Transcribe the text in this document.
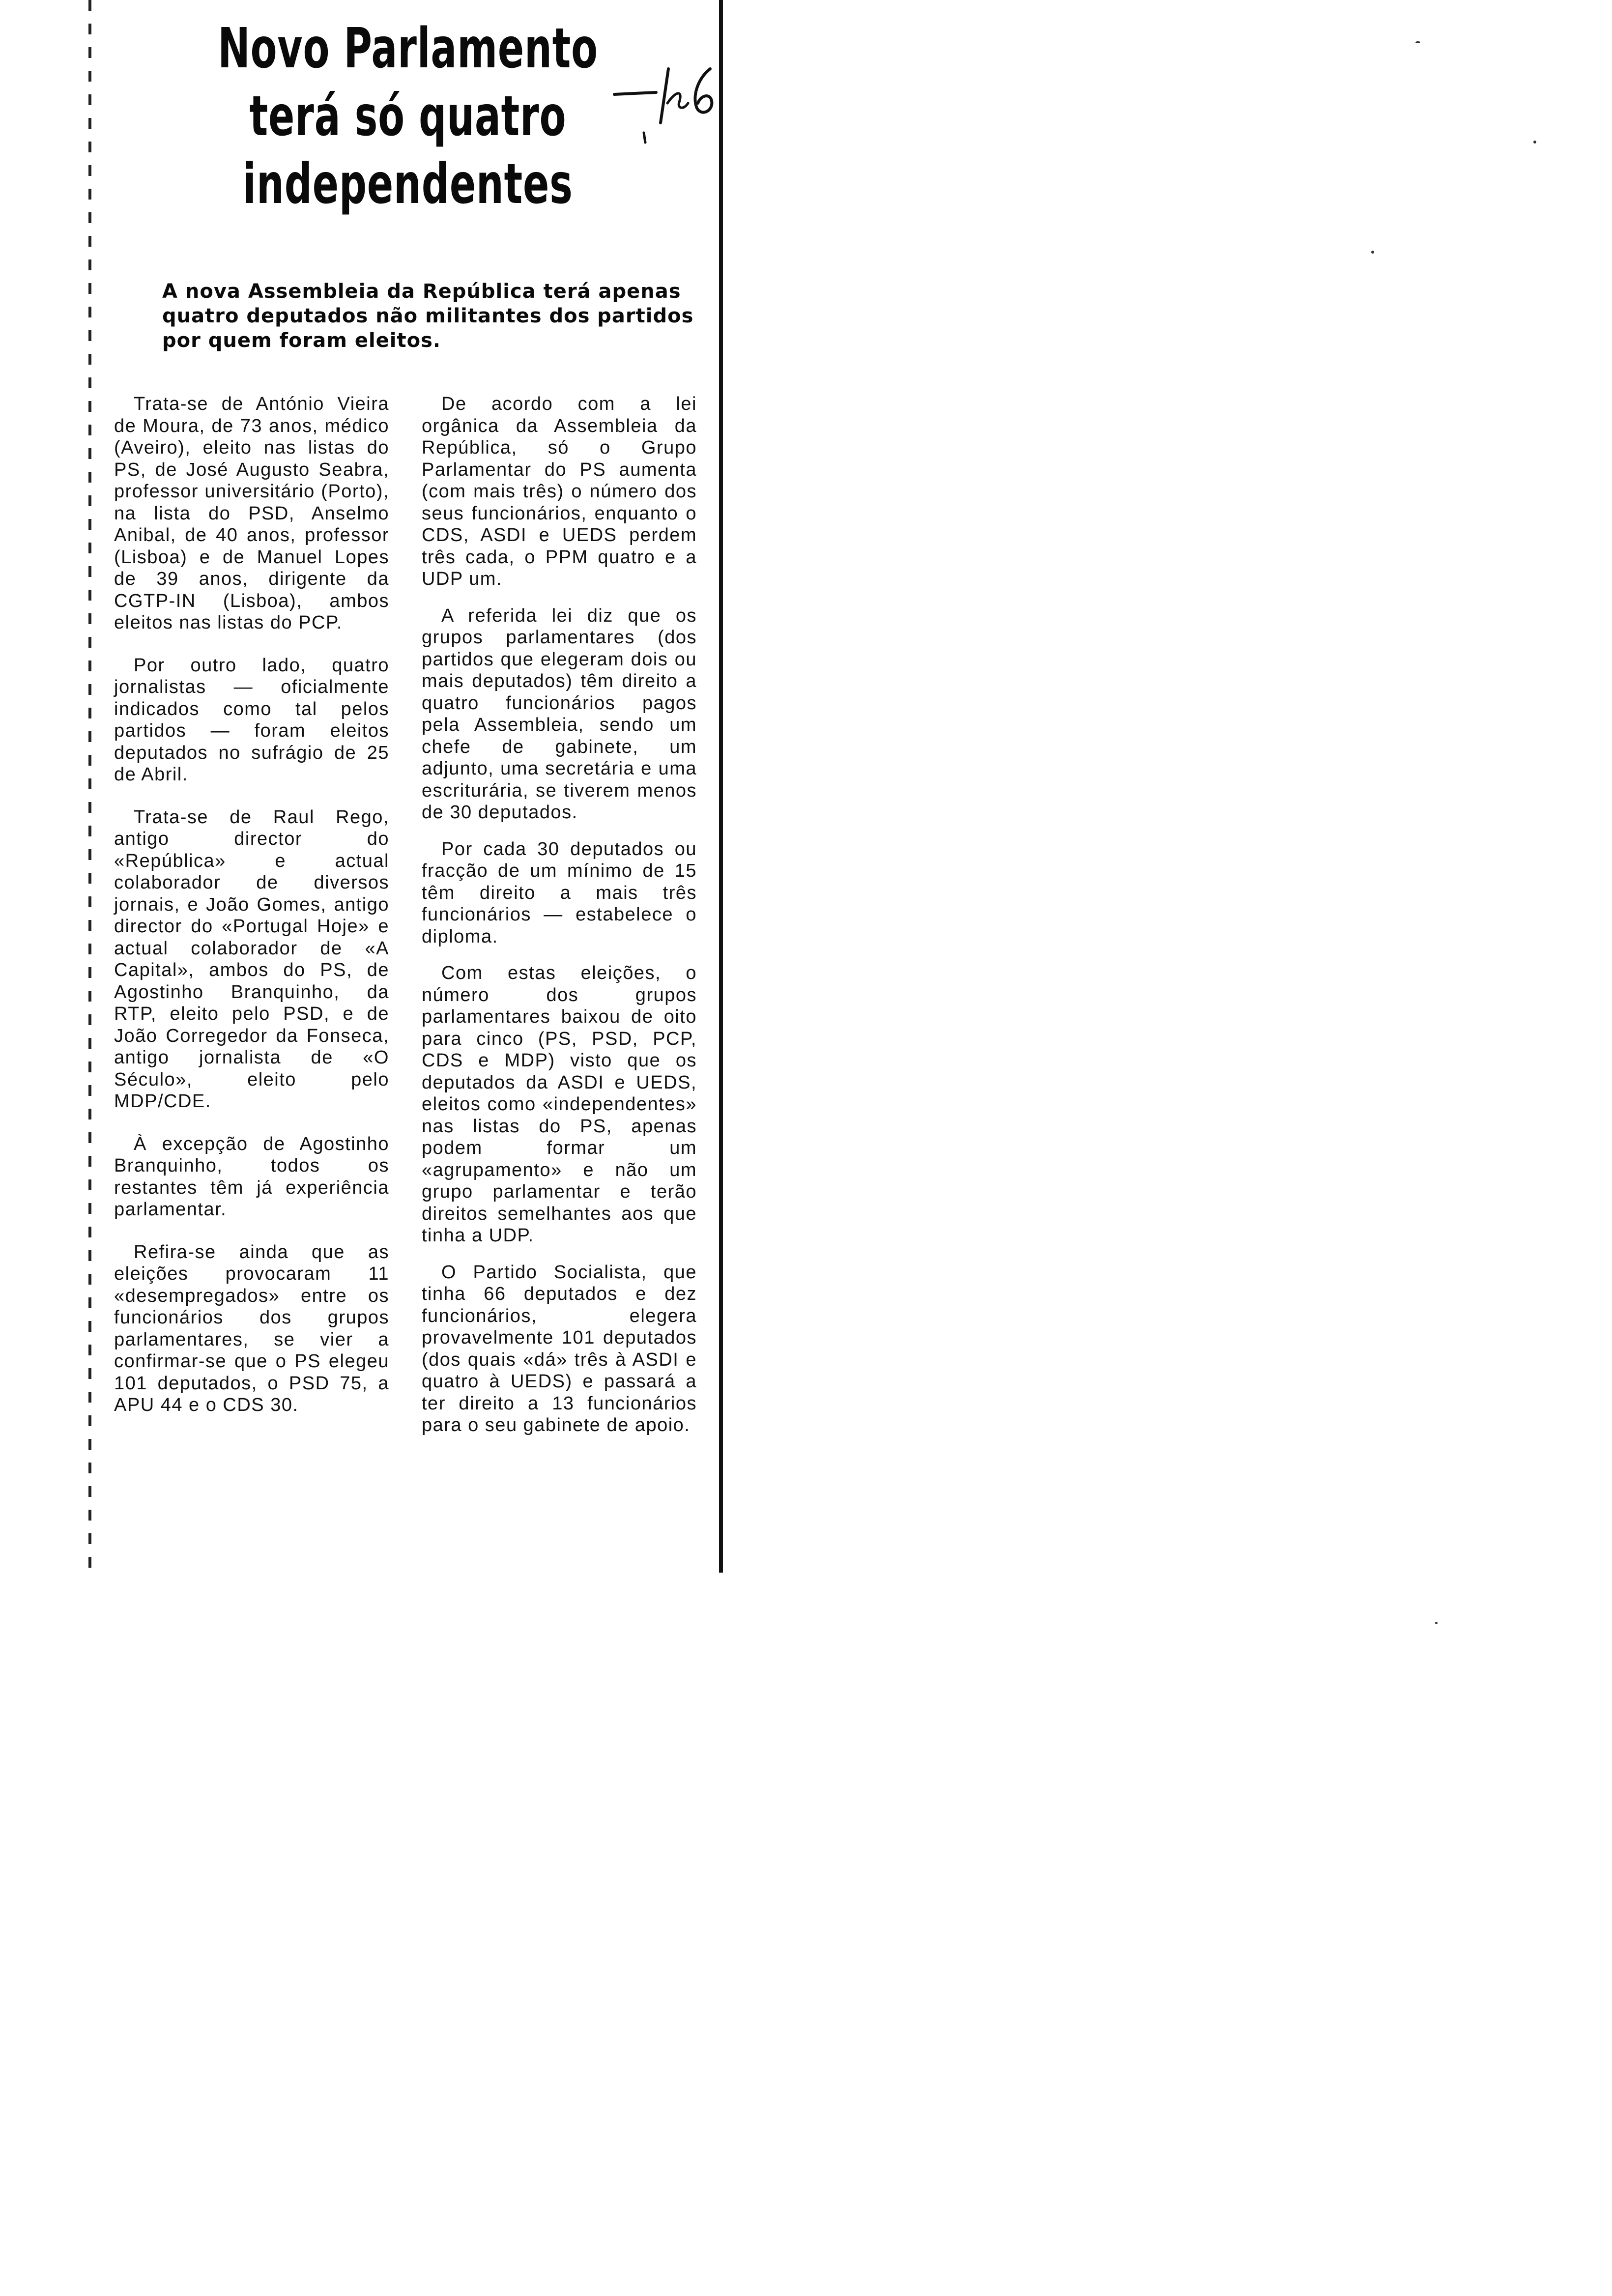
Novo Parlamento
terá só quatro
independentes
A nova Assembleia da República terá apenas quatro deputados não militantes dos partidos por quem foram eleitos.

Trata-se de António Vieira de Moura, de 73 anos, médico (Aveiro), eleito nas listas do PS, de José Augusto Seabra, professor universitário (Porto), na lista do PSD, Anselmo Anibal, de 40 anos, professor (Lisboa) e de Manuel Lopes de 39 anos, dirigente da CGTP-IN (Lisboa), ambos eleitos nas listas do PCP.

Por outro lado, quatro jornalistas — oficialmente indicados como tal pelos partidos — foram eleitos deputados no sufrágio de 25 de Abril.

Trata-se de Raul Rego, antigo director do «República» e actual colaborador de diversos jornais, e João Gomes, antigo director do «Portugal Hoje» e actual colaborador de «A Capital», ambos do PS, de Agostinho Branquinho, da RTP, eleito pelo PSD, e de João Corregedor da Fonseca, antigo jornalista de «O Século», eleito pelo MDP/CDE.

À excepção de Agostinho Branquinho, todos os restantes têm já experiência parlamentar.

Refira-se ainda que as eleições provocaram 11 «desempregados» entre os funcionários dos grupos parlamentares, se vier a confirmar-se que o PS elegeu 101 deputados, o PSD 75, a APU 44 e o CDS 30.

De acordo com a lei orgânica da Assembleia da República, só o Grupo Parlamentar do PS aumenta (com mais três) o número dos seus funcionários, enquanto o CDS, ASDI e UEDS perdem três cada, o PPM quatro e a UDP um.

A referida lei diz que os grupos parlamentares (dos partidos que elegeram dois ou mais deputados) têm direito a quatro funcionários pagos pela Assembleia, sendo um chefe de gabinete, um adjunto, uma secretária e uma escriturária, se tiverem menos de 30 deputados.

Por cada 30 deputados ou fracção de um mínimo de 15 têm direito a mais três funcionários — estabelece o diploma.

Com estas eleições, o número dos grupos parlamentares baixou de oito para cinco (PS, PSD, PCP, CDS e MDP) visto que os deputados da ASDI e UEDS, eleitos como «independentes» nas listas do PS, apenas podem formar um «agrupamento» e não um grupo parlamentar e terão direitos semelhantes aos que tinha a UDP.

O Partido Socialista, que tinha 66 deputados e dez funcionários, elegera provavelmente 101 deputados (dos quais «dá» três à ASDI e quatro à UEDS) e passará a ter direito a 13 funcionários para o seu gabinete de apoio.
